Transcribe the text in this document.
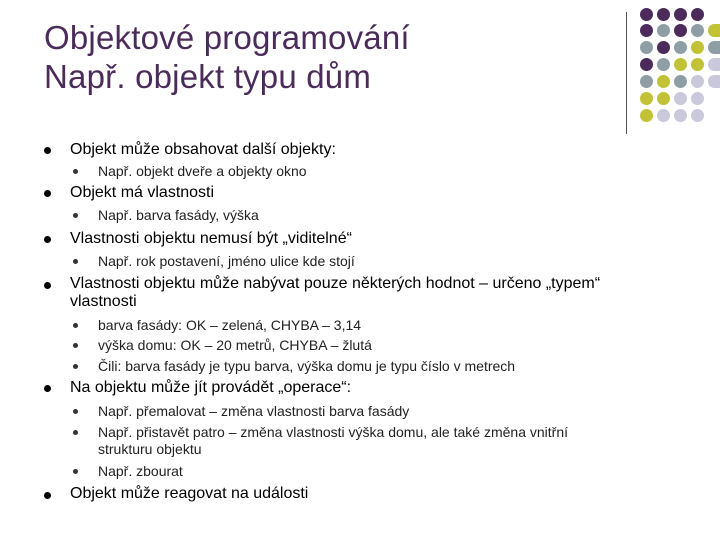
Objektové programování
Např. objekt typu dům
Objekt může obsahovat další objekty:
Např. objekt dveře a objekty okno
Objekt má vlastnosti
Např. barva fasády, výška
Vlastnosti objektu nemusí být „viditelné“
Např. rok postavení, jméno ulice kde stojí
Vlastnosti objektu může nabývat pouze některých hodnot – určeno „typem“
vlastnosti
barva fasády: OK – zelená, CHYBA – 3,14
výška domu: OK – 20 metrů, CHYBA – žlutá
Čili: barva fasády je typu barva, výška domu je typu číslo v metrech
Na objektu může jít provádět „operace“:
Např. přemalovat – změna vlastnosti barva fasády
Např. přistavět patro – změna vlastnosti výška domu, ale také změna vnitřní
strukturu objektu
Např. zbourat
Objekt může reagovat na události
